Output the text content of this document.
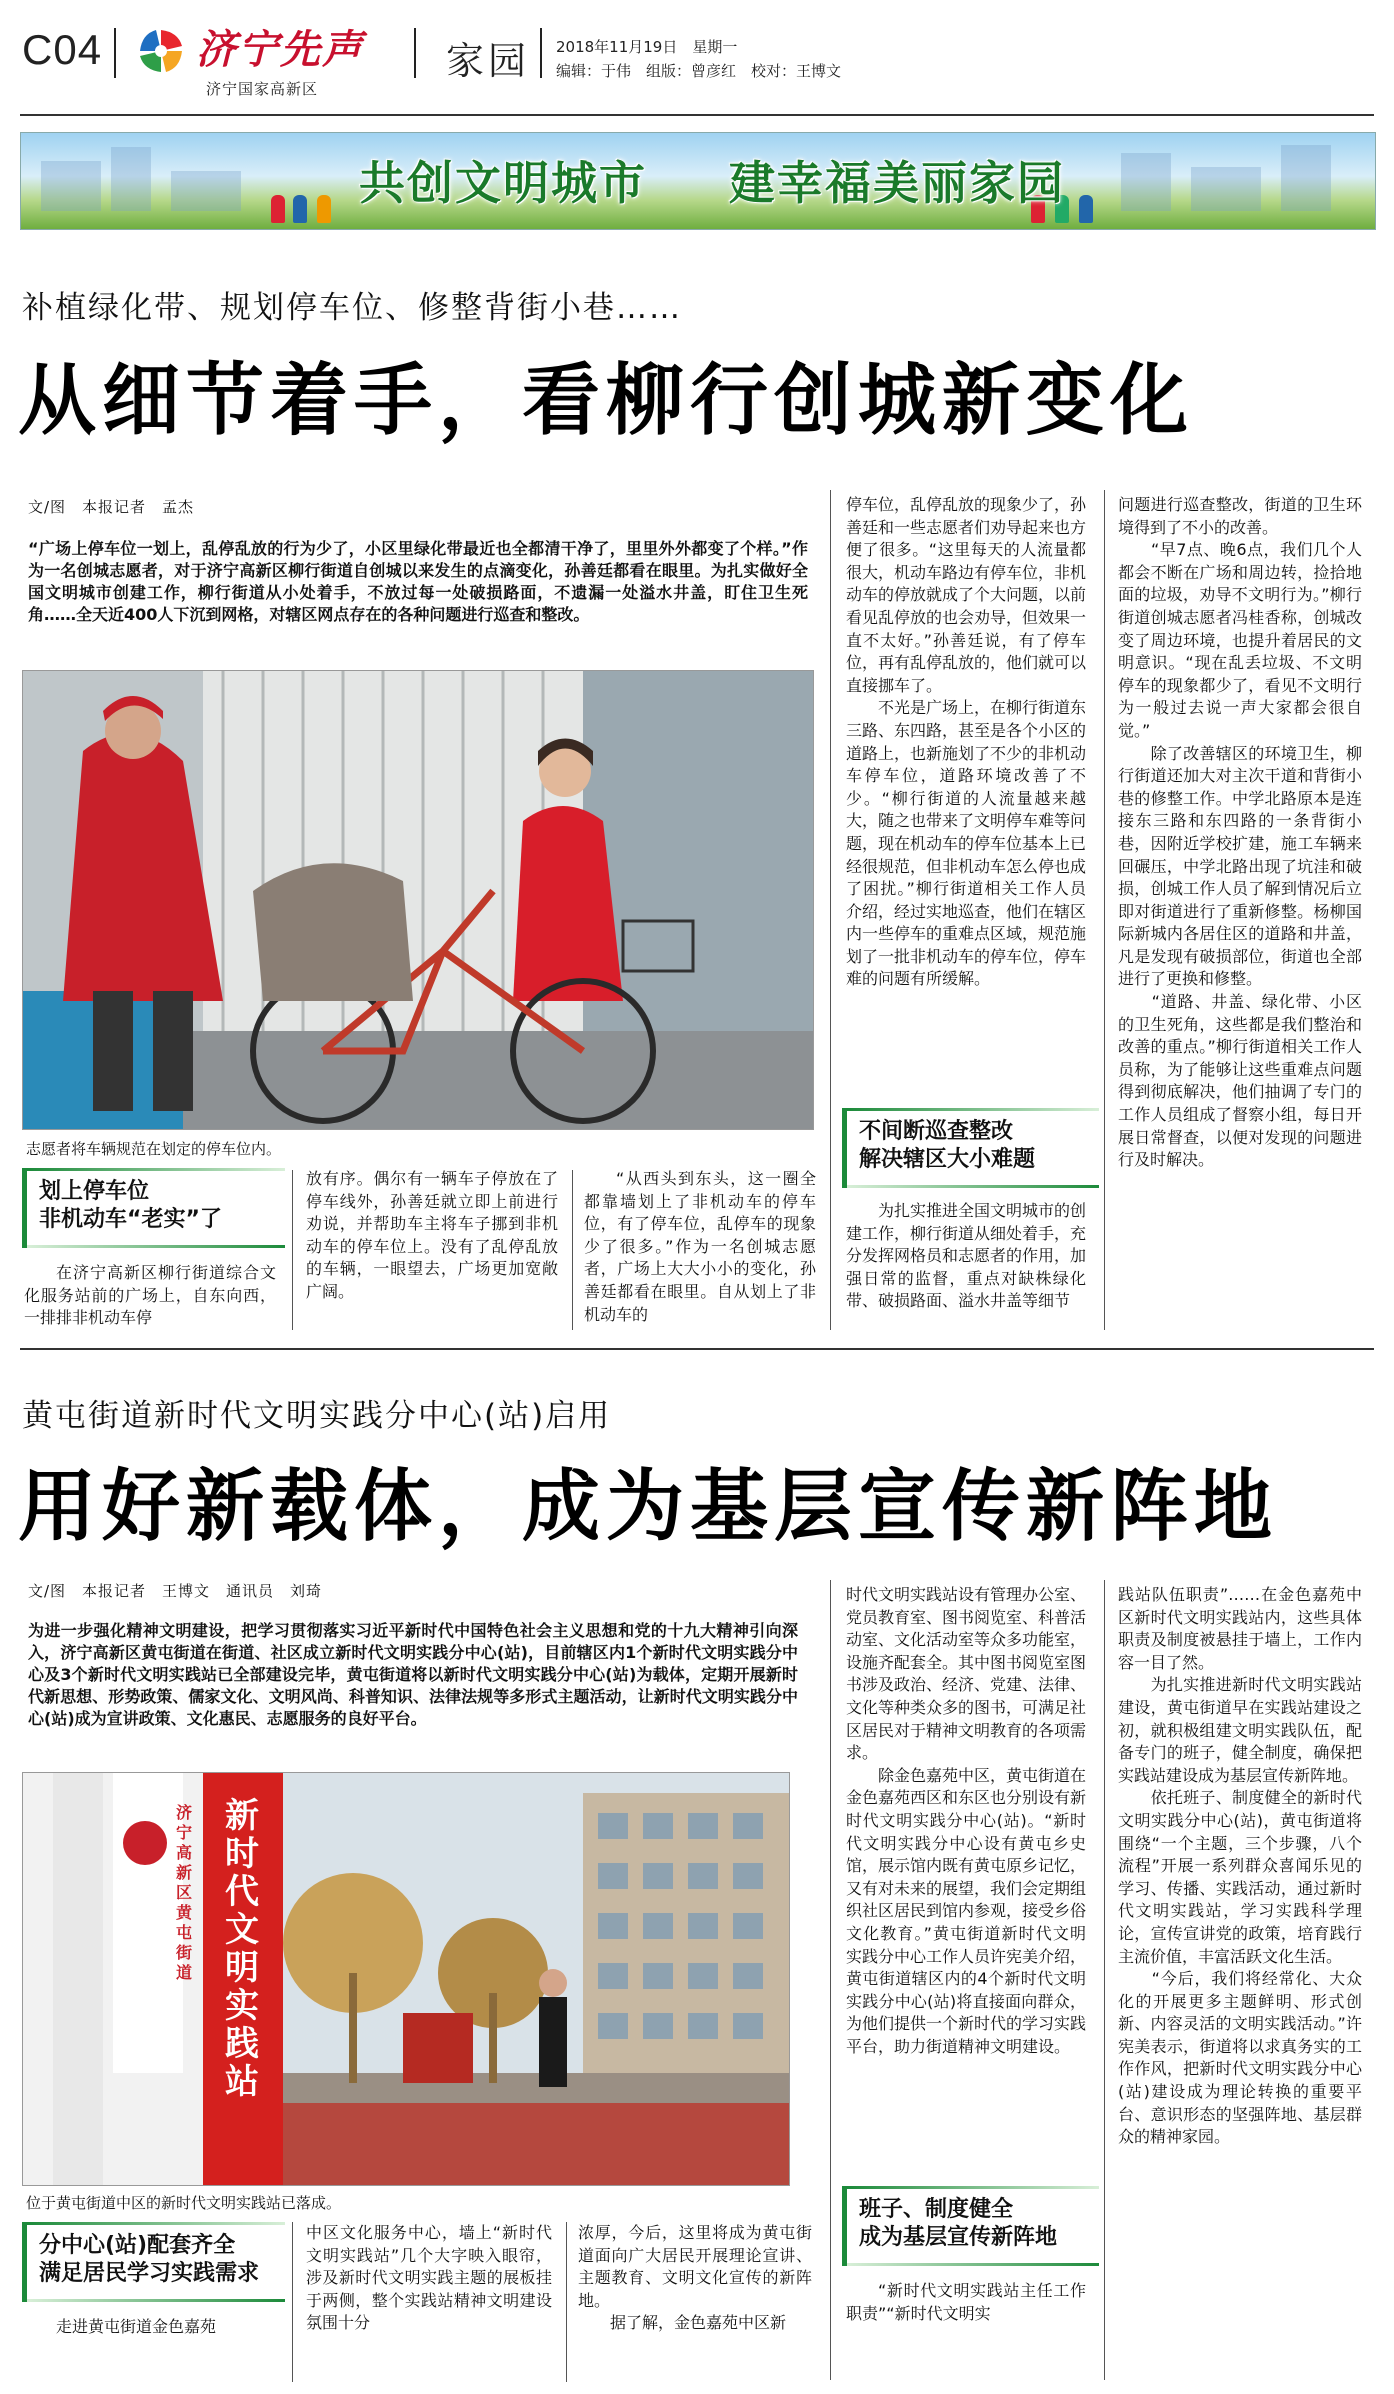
C04 济宁先声
济宁国家高新区
家园 2018年11月19日　星期一
编辑：于伟　组版：曾彦红　校对：王博文
共创文明城市 建幸福美丽家园
补植绿化带、规划停车位、修整背街小巷……
从细节着手，看柳行创城新变化
文/图　本报记者　孟杰
“广场上停车位一划上，乱停乱放的行为少了，小区里绿化带最近也全都清干净了，里里外外都变了个样。”作为一名创城志愿者，对于济宁高新区柳行街道自创城以来发生的点滴变化，孙善廷都看在眼里。为扎实做好全国文明城市创建工作，柳行街道从小处着手，不放过每一处破损路面，不遗漏一处溢水井盖，盯住卫生死角……全天近400人下沉到网格，对辖区网点存在的各种问题进行巡查和整改。
志愿者将车辆规范在划定的停车位内。
划上停车位
非机动车“老实”了
在济宁高新区柳行街道综合文化服务站前的广场上，自东向西，一排排非机动车停
放有序。偶尔有一辆车子停放在了停车线外，孙善廷就立即上前进行劝说，并帮助车主将车子挪到非机动车的停车位上。没有了乱停乱放的车辆，一眼望去，广场更加宽敞广阔。
“从西头到东头，这一圈全都靠墙划上了非机动车的停车位，有了停车位，乱停车的现象少了很多。”作为一名创城志愿者，广场上大大小小的变化，孙善廷都看在眼里。自从划上了非机动车的
停车位，乱停乱放的现象少了，孙善廷和一些志愿者们劝导起来也方便了很多。“这里每天的人流量都很大，机动车路边有停车位，非机动车的停放就成了个大问题，以前看见乱停放的也会劝导，但效果一直不太好。”孙善廷说，有了停车位，再有乱停乱放的，他们就可以直接挪车了。
　　不光是广场上，在柳行街道东三路、东四路，甚至是各个小区的道路上，也新施划了不少的非机动车停车位，道路环境改善了不少。“柳行街道的人流量越来越大，随之也带来了文明停车难等问题，现在机动车的停车位基本上已经很规范，但非机动车怎么停也成了困扰。”柳行街道相关工作人员介绍，经过实地巡查，他们在辖区内一些停车的重难点区域，规范施划了一批非机动车的停车位，停车难的问题有所缓解。
不间断巡查整改
解决辖区大小难题
为扎实推进全国文明城市的创建工作，柳行街道从细处着手，充分发挥网格员和志愿者的作用，加强日常的监督，重点对缺株绿化带、破损路面、溢水井盖等细节
问题进行巡查整改，街道的卫生环境得到了不小的改善。
　　“早7点、晚6点，我们几个人都会不断在广场和周边转，捡拾地面的垃圾，劝导不文明行为。”柳行街道创城志愿者冯桂香称，创城改变了周边环境，也提升着居民的文明意识。“现在乱丢垃圾、不文明停车的现象都少了，看见不文明行为一般过去说一声大家都会很自觉。”
　　除了改善辖区的环境卫生，柳行街道还加大对主次干道和背街小巷的修整工作。中学北路原本是连接东三路和东四路的一条背街小巷，因附近学校扩建，施工车辆来回碾压，中学北路出现了坑洼和破损，创城工作人员了解到情况后立即对街道进行了重新修整。杨柳国际新城内各居住区的道路和井盖，凡是发现有破损部位，街道也全部进行了更换和修整。
　　“道路、井盖、绿化带、小区的卫生死角，这些都是我们整治和改善的重点。”柳行街道相关工作人员称，为了能够让这些重难点问题得到彻底解决，他们抽调了专门的工作人员组成了督察小组，每日开展日常督查，以便对发现的问题进行及时解决。
黄屯街道新时代文明实践分中心(站)启用
用好新载体，成为基层宣传新阵地
文/图　本报记者　王博文　通讯员　刘琦
为进一步强化精神文明建设，把学习贯彻落实习近平新时代中国特色社会主义思想和党的十九大精神引向深入，济宁高新区黄屯街道在街道、社区成立新时代文明实践分中心(站)，目前辖区内1个新时代文明实践分中心及3个新时代文明实践站已全部建设完毕，黄屯街道将以新时代文明实践分中心(站)为载体，定期开展新时代新思想、形势政策、儒家文化、文明风尚、科普知识、法律法规等多形式主题活动，让新时代文明实践分中心(站)成为宣讲政策、文化惠民、志愿服务的良好平台。
新时代文明实践站
济宁高新区黄屯街道
位于黄屯街道中区的新时代文明实践站已落成。
分中心(站)配套齐全
满足居民学习实践需求
走进黄屯街道金色嘉苑
中区文化服务中心，墙上“新时代文明实践站”几个大字映入眼帘，涉及新时代文明实践主题的展板挂于两侧，整个实践站精神文明建设氛围十分
浓厚，今后，这里将成为黄屯街道面向广大居民开展理论宣讲、主题教育、文明文化宣传的新阵地。
　　据了解，金色嘉苑中区新
时代文明实践站设有管理办公室、党员教育室、图书阅览室、科普活动室、文化活动室等众多功能室，设施齐配套全。其中图书阅览室图书涉及政治、经济、党建、法律、文化等种类众多的图书，可满足社区居民对于精神文明教育的各项需求。
　　除金色嘉苑中区，黄屯街道在金色嘉苑西区和东区也分别设有新时代文明实践分中心(站)。“新时代文明实践分中心设有黄屯乡史馆，展示馆内既有黄屯原乡记忆，又有对未来的展望，我们会定期组织社区居民到馆内参观，接受乡俗文化教育。”黄屯街道新时代文明实践分中心工作人员许宪美介绍，黄屯街道辖区内的4个新时代文明实践分中心(站)将直接面向群众，为他们提供一个新时代的学习实践平台，助力街道精神文明建设。
班子、制度健全
成为基层宣传新阵地
“新时代文明实践站主任工作职责”“新时代文明实
践站队伍职责”……在金色嘉苑中区新时代文明实践站内，这些具体职责及制度被悬挂于墙上，工作内容一目了然。
　　为扎实推进新时代文明实践站建设，黄屯街道早在实践站建设之初，就积极组建文明实践队伍，配备专门的班子，健全制度，确保把实践站建设成为基层宣传新阵地。
　　依托班子、制度健全的新时代文明实践分中心(站)，黄屯街道将围绕“一个主题，三个步骤，八个流程”开展一系列群众喜闻乐见的学习、传播、实践活动，通过新时代文明实践站，学习实践科学理论，宣传宣讲党的政策，培育践行主流价值，丰富活跃文化生活。
　　“今后，我们将经常化、大众化的开展更多主题鲜明、形式创新、内容灵活的文明实践活动。”许宪美表示，街道将以求真务实的工作作风，把新时代文明实践分中心(站)建设成为理论转换的重要平台、意识形态的坚强阵地、基层群众的精神家园。
